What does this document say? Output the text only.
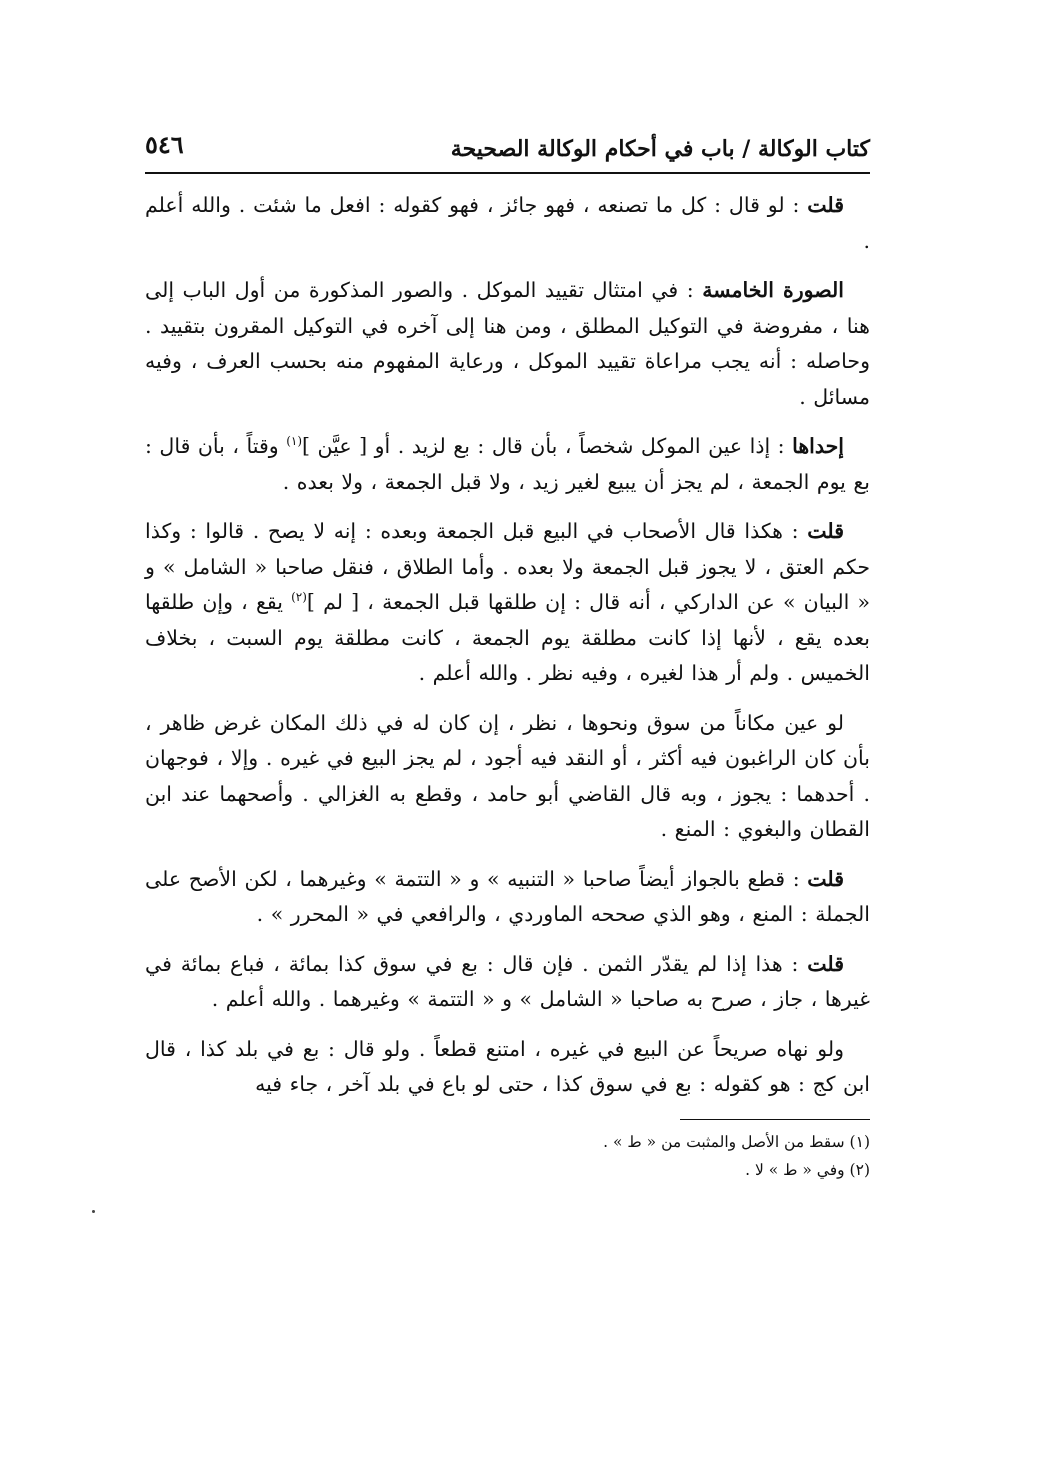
كتاب الوكالة / باب في أحكام الوكالة الصحيحة
٥٤٦

قلت : لو قال : كل ما تصنعه ، فهو جائز ، فهو كقوله : افعل ما شئت . والله أعلم .

الصورة الخامسة : في امتثال تقييد الموكل . والصور المذكورة من أول الباب إلى هنا ، مفروضة في التوكيل المطلق ، ومن هنا إلى آخره في التوكيل المقرون بتقييد . وحاصله : أنه يجب مراعاة تقييد الموكل ، ورعاية المفهوم منه بحسب العرف ، وفيه مسائل .

إحداها : إذا عين الموكل شخصاً ، بأن قال : بع لزيد . أو [ عيَّن ]$^{(١)}$ وقتاً ، بأن قال : بع يوم الجمعة ، لم يجز أن يبيع لغير زيد ، ولا قبل الجمعة ، ولا بعده .

قلت : هكذا قال الأصحاب في البيع قبل الجمعة وبعده : إنه لا يصح . قالوا : وكذا حكم العتق ، لا يجوز قبل الجمعة ولا بعده . وأما الطلاق ، فنقل صاحبا « الشامل » و « البيان » عن الداركي ، أنه قال : إن طلقها قبل الجمعة ، [ لم ]$^{(٢)}$ يقع ، وإن طلقها بعده يقع ، لأنها إذا كانت مطلقة يوم الجمعة ، كانت مطلقة يوم السبت ، بخلاف الخميس . ولم أر هذا لغيره ، وفيه نظر . والله أعلم .

لو عين مكاناً من سوق ونحوها ، نظر ، إن كان له في ذلك المكان غرض ظاهر ، بأن كان الراغبون فيه أكثر ، أو النقد فيه أجود ، لم يجز البيع في غيره . وإلا ، فوجهان . أحدهما : يجوز ، وبه قال القاضي أبو حامد ، وقطع به الغزالي . وأصحهما عند ابن القطان والبغوي : المنع .

قلت : قطع بالجواز أيضاً صاحبا « التنبيه » و « التتمة » وغيرهما ، لكن الأصح على الجملة : المنع ، وهو الذي صححه الماوردي ، والرافعي في « المحرر » .

قلت : هذا إذا لم يقدّر الثمن . فإن قال : بع في سوق كذا بمائة ، فباع بمائة في غيرها ، جاز ، صرح به صاحبا « الشامل » و « التتمة » وغيرهما . والله أعلم .

ولو نهاه صريحاً عن البيع في غيره ، امتنع قطعاً . ولو قال : بع في بلد كذا ، قال ابن كج : هو كقوله : بع في سوق كذا ، حتى لو باع في بلد آخر ، جاء فيه

(١) سقط من الأصل والمثبت من « ط » .

(٢) وفي « ط » لا .
